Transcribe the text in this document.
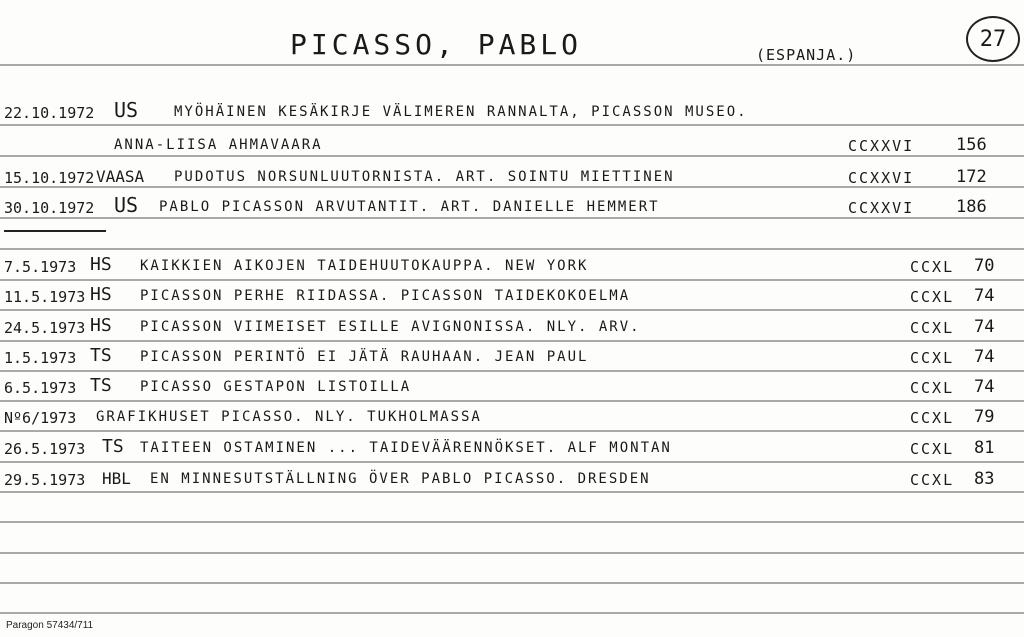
PICASSO, PABLO	(ESPANJA.)
27
22.10.1972 US	MYÖHÄINEN KESÄKIRJE VÄLIMEREN RANNALTA, PICASSON MUSEO.
ANNA-LIISA AHMAVAARA	CCXXVI 156
15.10.1972 VAASA PUDOTUS NORSUNLUUTORNISTA. ART. SOINTU MIETTINEN	CCXXVI 172
30.10.1972 US PABLO PICASSON ARVUTANTIT. ART. DANIELLE HEMMERT	CCXXVI 186
7.5.1973 HS KAIKKIEN AIKOJEN TAIDEHUUTOKAUPPA. NEW YORK	CCXL 70
11.5.1973 HS PICASSON PERHE RIIDASSA. PICASSON TAIDEKOKOELMA	CCXL 74
24.5.1973 HS PICASSON VIIMEISET ESILLE AVIGNONISSA. NLY. ARV.	CCXL 74
1.5.1973 TS PICASSON PERINTÖ EI JÄTÄ RAUHAAN. JEAN PAUL	CCXL 74
6.5.1973 TS PICASSO GESTAPON LISTOILLA	CCXL 74
Nº6/1973 GRAFIKHUSET PICASSO. NLY. TUKHOLMASSA	CCXL 79
26.5.1973 TS TAITEEN OSTAMINEN ... TAIDEVÄÄRENNÖKSET. ALF MONTAN	CCXL 81
29.5.1973 HBL EN MINNESUTSTÄLLNING ÖVER PABLO PICASSO. DRESDEN	CCXL 83
Paragon 57434/711
